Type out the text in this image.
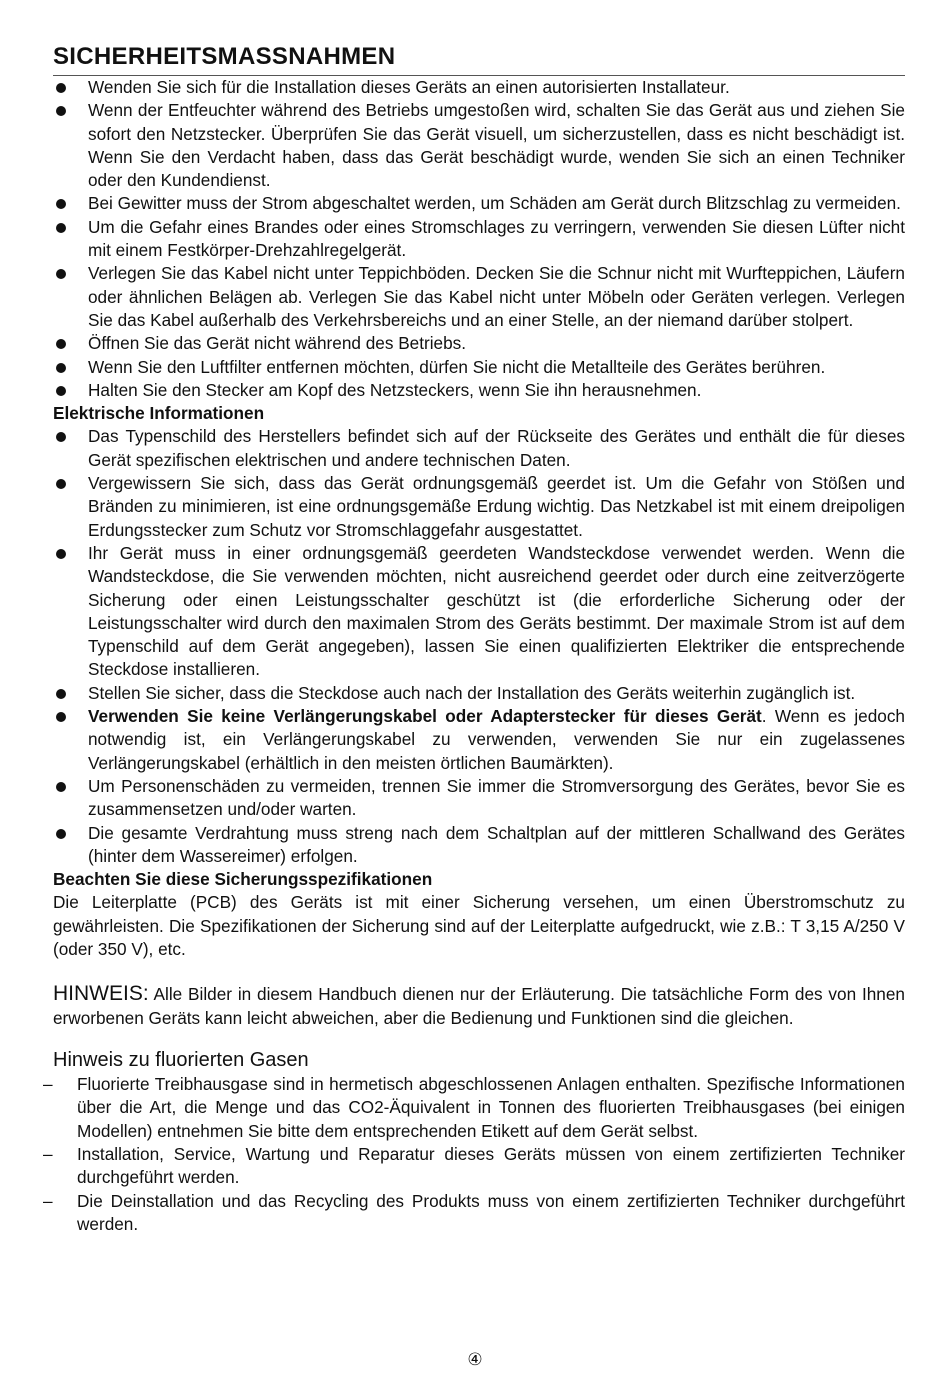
SICHERHEITSMASSNAHMEN
Wenden Sie sich für die Installation dieses Geräts an einen autorisierten Installateur.
Wenn der Entfeuchter während des Betriebs umgestoßen wird, schalten Sie das Gerät aus und ziehen Sie sofort den Netzstecker. Überprüfen Sie das Gerät visuell, um sicherzustellen, dass es nicht beschädigt ist. Wenn Sie den Verdacht haben, dass das Gerät beschädigt wurde, wenden Sie sich an einen Techniker oder den Kundendienst.
Bei Gewitter muss der Strom abgeschaltet werden, um Schäden am Gerät durch Blitzschlag zu vermeiden.
Um die Gefahr eines Brandes oder eines Stromschlages zu verringern, verwenden Sie diesen Lüfter nicht mit einem Festkörper-Drehzahlregelgerät.
Verlegen Sie das Kabel nicht unter Teppichböden. Decken Sie die Schnur nicht mit Wurfteppichen, Läufern oder ähnlichen Belägen ab. Verlegen Sie das Kabel nicht unter Möbeln oder Geräten verlegen. Verlegen Sie das Kabel außerhalb des Verkehrsbereichs und an einer Stelle, an der niemand darüber stolpert.
Öffnen Sie das Gerät nicht während des Betriebs.
Wenn Sie den Luftfilter entfernen möchten, dürfen Sie nicht die Metallteile des Gerätes berühren.
Halten Sie den Stecker am Kopf des Netzsteckers, wenn Sie ihn herausnehmen.

Elektrische Informationen

Das Typenschild des Herstellers befindet sich auf der Rückseite des Gerätes und enthält die für dieses Gerät spezifischen elektrischen und andere technischen Daten.
Vergewissern Sie sich, dass das Gerät ordnungsgemäß geerdet ist. Um die Gefahr von Stößen und Bränden zu minimieren, ist eine ordnungsgemäße Erdung wichtig. Das Netzkabel ist mit einem dreipoligen Erdungsstecker zum Schutz vor Stromschlaggefahr ausgestattet.
Ihr Gerät muss in einer ordnungsgemäß geerdeten Wandsteckdose verwendet werden. Wenn die Wandsteckdose, die Sie verwenden möchten, nicht ausreichend geerdet oder durch eine zeitverzögerte Sicherung oder einen Leistungsschalter geschützt ist (die erforderliche Sicherung oder der Leistungsschalter wird durch den maximalen Strom des Geräts bestimmt. Der maximale Strom ist auf dem Typenschild auf dem Gerät angegeben), lassen Sie einen qualifizierten Elektriker die entsprechende Steckdose installieren.
Stellen Sie sicher, dass die Steckdose auch nach der Installation des Geräts weiterhin zugänglich ist.
Verwenden Sie keine Verlängerungskabel oder Adapterstecker für dieses Gerät. Wenn es jedoch notwendig ist, ein Verlängerungskabel zu verwenden, verwenden Sie nur ein zugelassenes Verlängerungskabel (erhältlich in den meisten örtlichen Baumärkten).
Um Personenschäden zu vermeiden, trennen Sie immer die Stromversorgung des Gerätes, bevor Sie es zusammensetzen und/oder warten.
Die gesamte Verdrahtung muss streng nach dem Schaltplan auf der mittleren Schallwand des Gerätes (hinter dem Wassereimer) erfolgen.

Beachten Sie diese Sicherungsspezifikationen

Die Leiterplatte (PCB) des Geräts ist mit einer Sicherung versehen, um einen Überstromschutz zu gewährleisten. Die Spezifikationen der Sicherung sind auf der Leiterplatte aufgedruckt, wie z.B.: T 3,15 A/250 V (oder 350 V), etc.

HINWEIS: Alle Bilder in diesem Handbuch dienen nur der Erläuterung. Die tatsächliche Form des von Ihnen erworbenen Geräts kann leicht abweichen, aber die Bedienung und Funktionen sind die gleichen.

Hinweis zu fluorierten Gasen

– Fluorierte Treibhausgase sind in hermetisch abgeschlossenen Anlagen enthalten. Spezifische Informationen über die Art, die Menge und das CO2-Äquivalent in Tonnen des fluorierten Treibhausgases (bei einigen Modellen) entnehmen Sie bitte dem entsprechenden Etikett auf dem Gerät selbst.
– Installation, Service, Wartung und Reparatur dieses Geräts müssen von einem zertifizierten Techniker durchgeführt werden.
– Die Deinstallation und das Recycling des Produkts muss von einem zertifizierten Techniker durchgeführt werden.
④
